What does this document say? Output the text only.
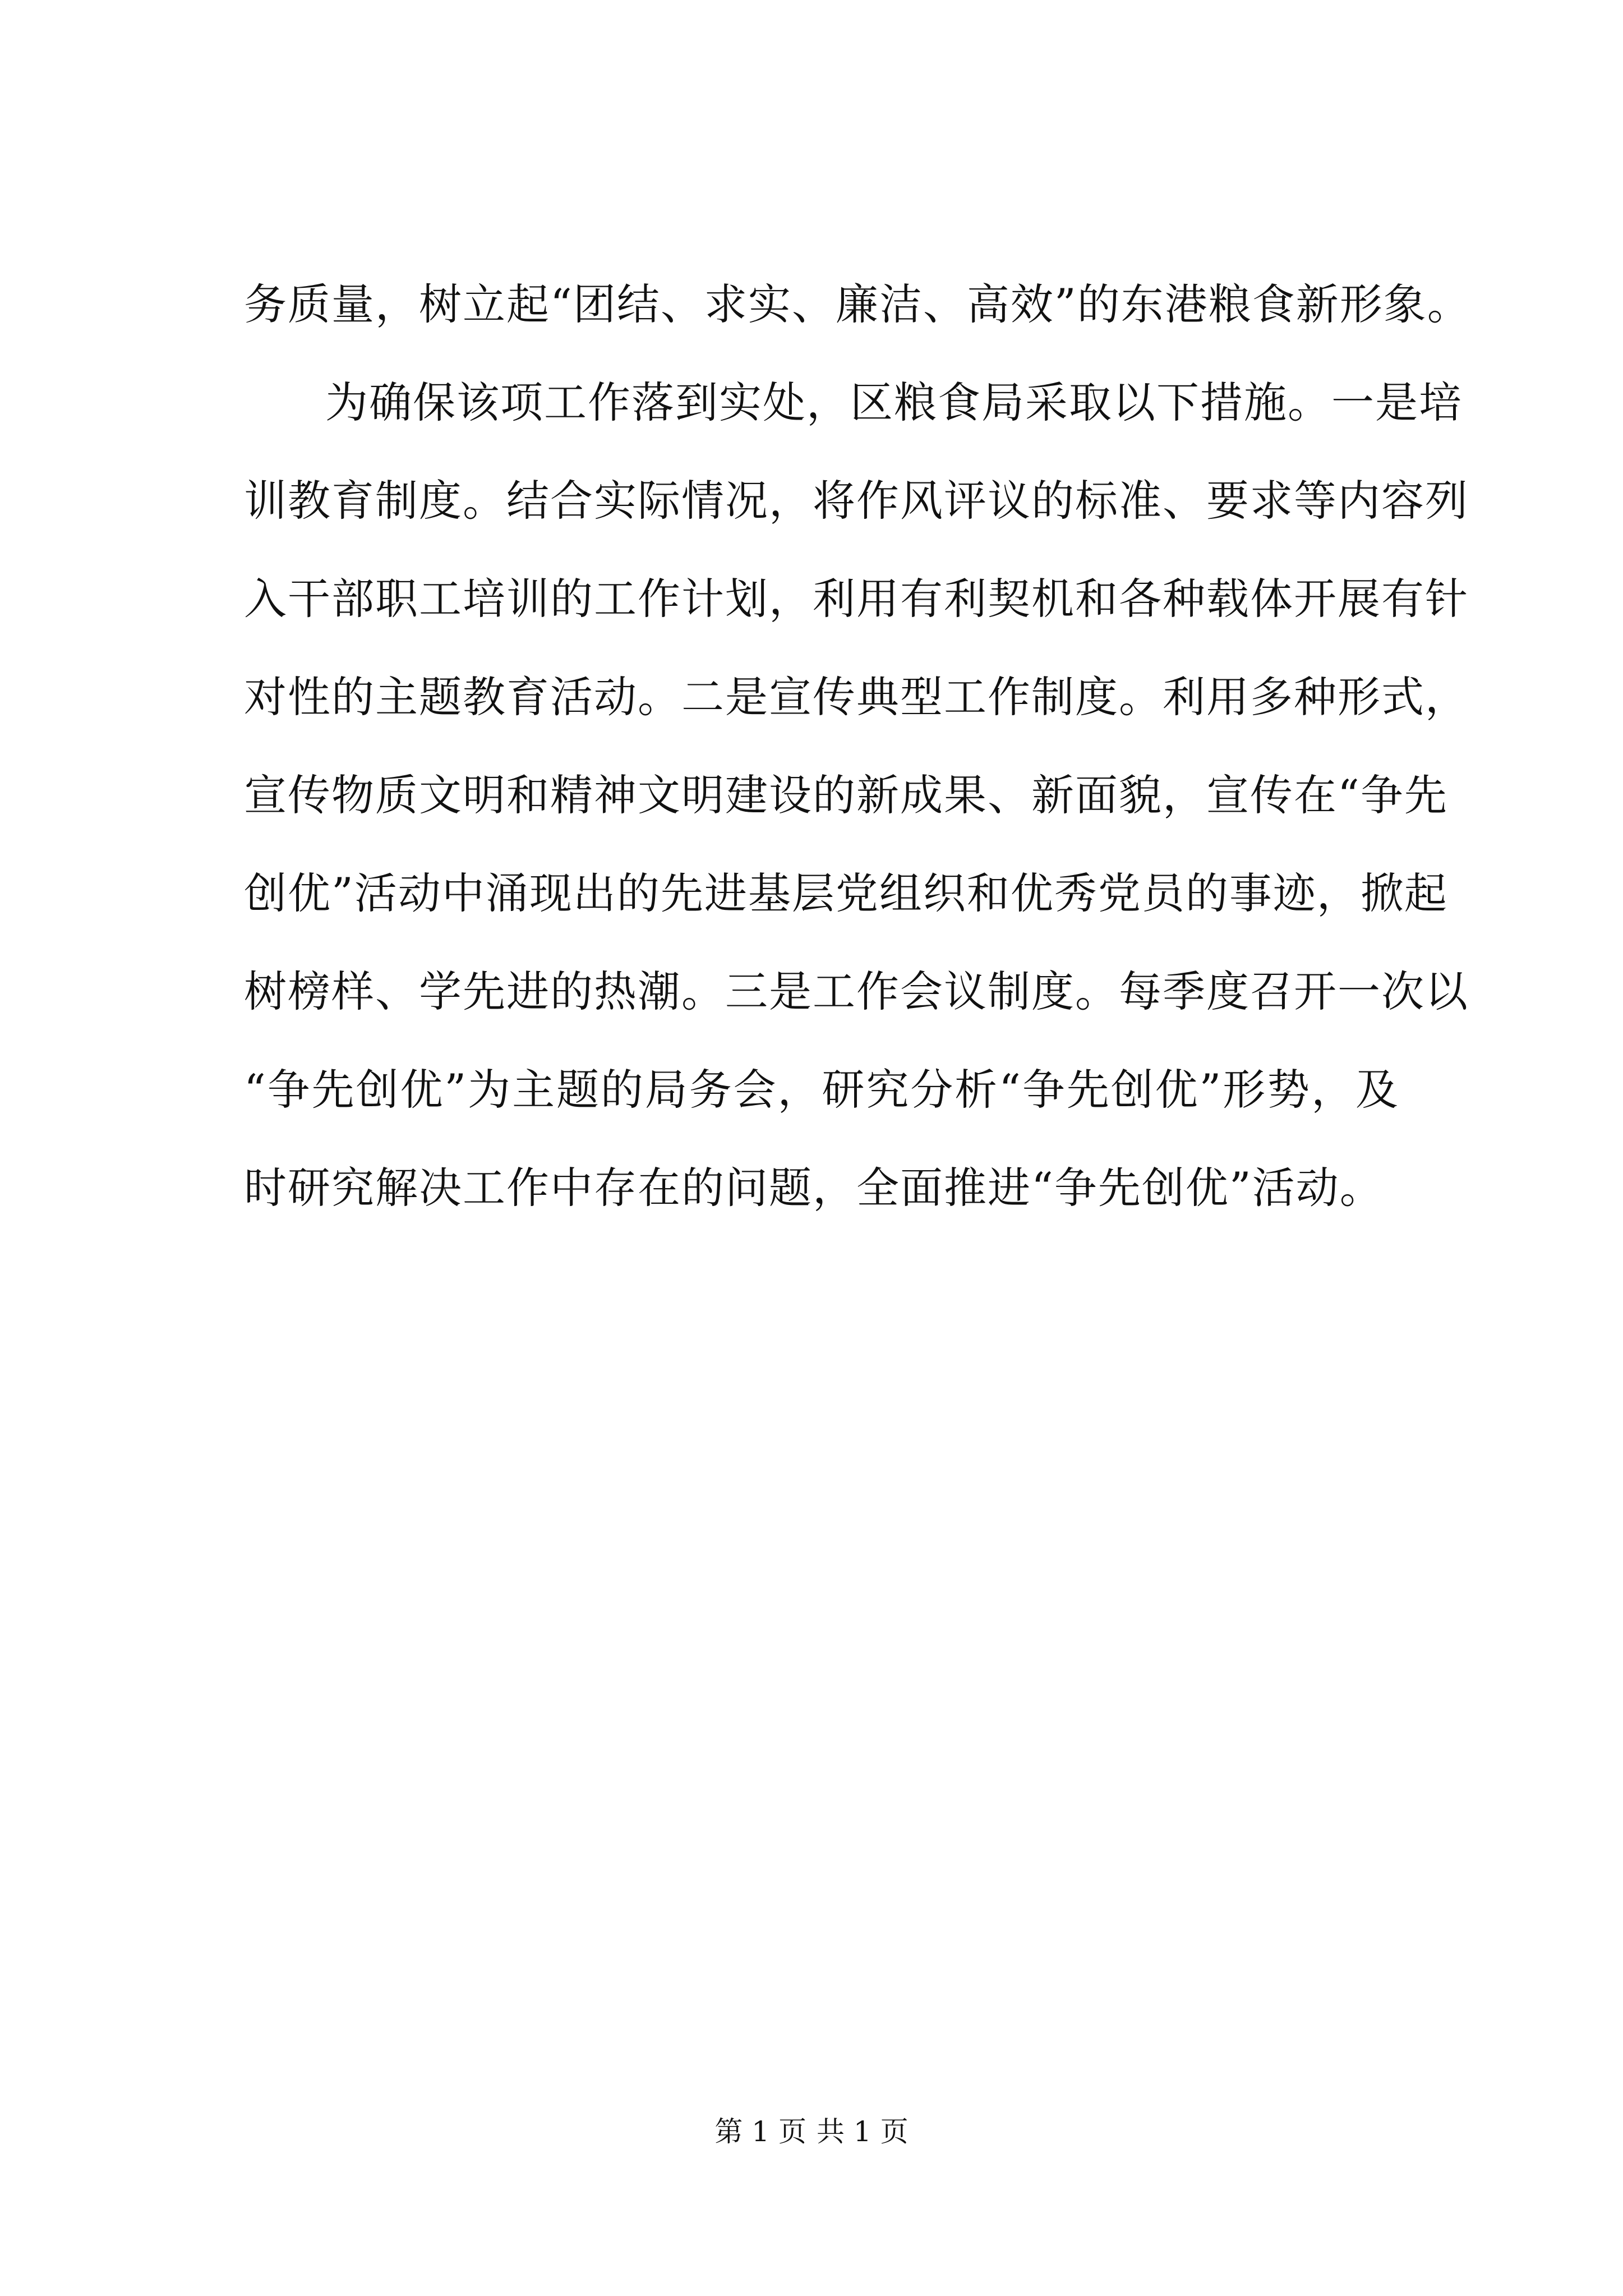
务质量，树立起“团结、求实、廉洁、高效”的东港粮食新形象。
为确保该项工作落到实处，区粮食局采取以下措施。一是培
训教育制度。结合实际情况，将作风评议的标准、要求等内容列
入干部职工培训的工作计划，利用有利契机和各种载体开展有针
对性的主题教育活动。二是宣传典型工作制度。利用多种形式，
宣传物质文明和精神文明建设的新成果、新面貌，宣传在“争先
创优”活动中涌现出的先进基层党组织和优秀党员的事迹，掀起
树榜样、学先进的热潮。三是工作会议制度。每季度召开一次以
“争先创优”为主题的局务会，研究分析“争先创优”形势，及
时研究解决工作中存在的问题，全面推进“争先创优”活动。
第 1 页 共 1 页
